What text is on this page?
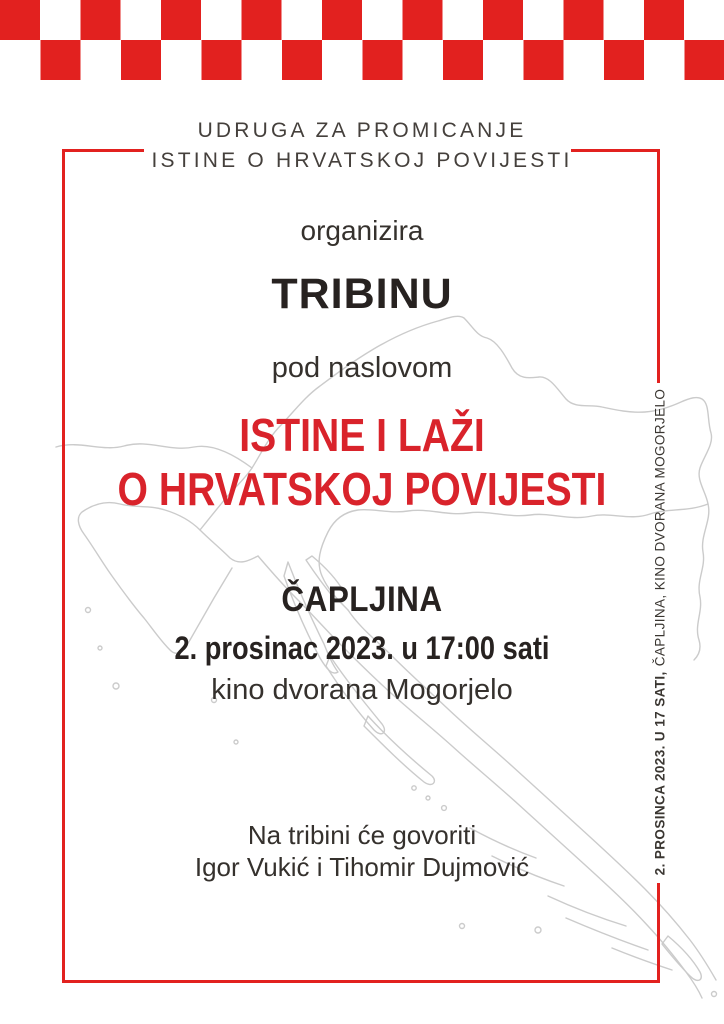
UDRUGA ZA PROMICANJE
ISTINE O HRVATSKOJ POVIJESTI
organizira
TRIBINU
pod naslovom
ISTINE I LAŽI
O HRVATSKOJ POVIJESTI
ČAPLJINA
2. prosinac 2023. u 17:00 sati
kino dvorana Mogorjelo
Na tribini će govoriti
Igor Vukić i Tihomir Dujmović	2. PROSINCA 2023. U 17 SATI,ČAPLJINA, KINO DVORANA MOGORJELO
